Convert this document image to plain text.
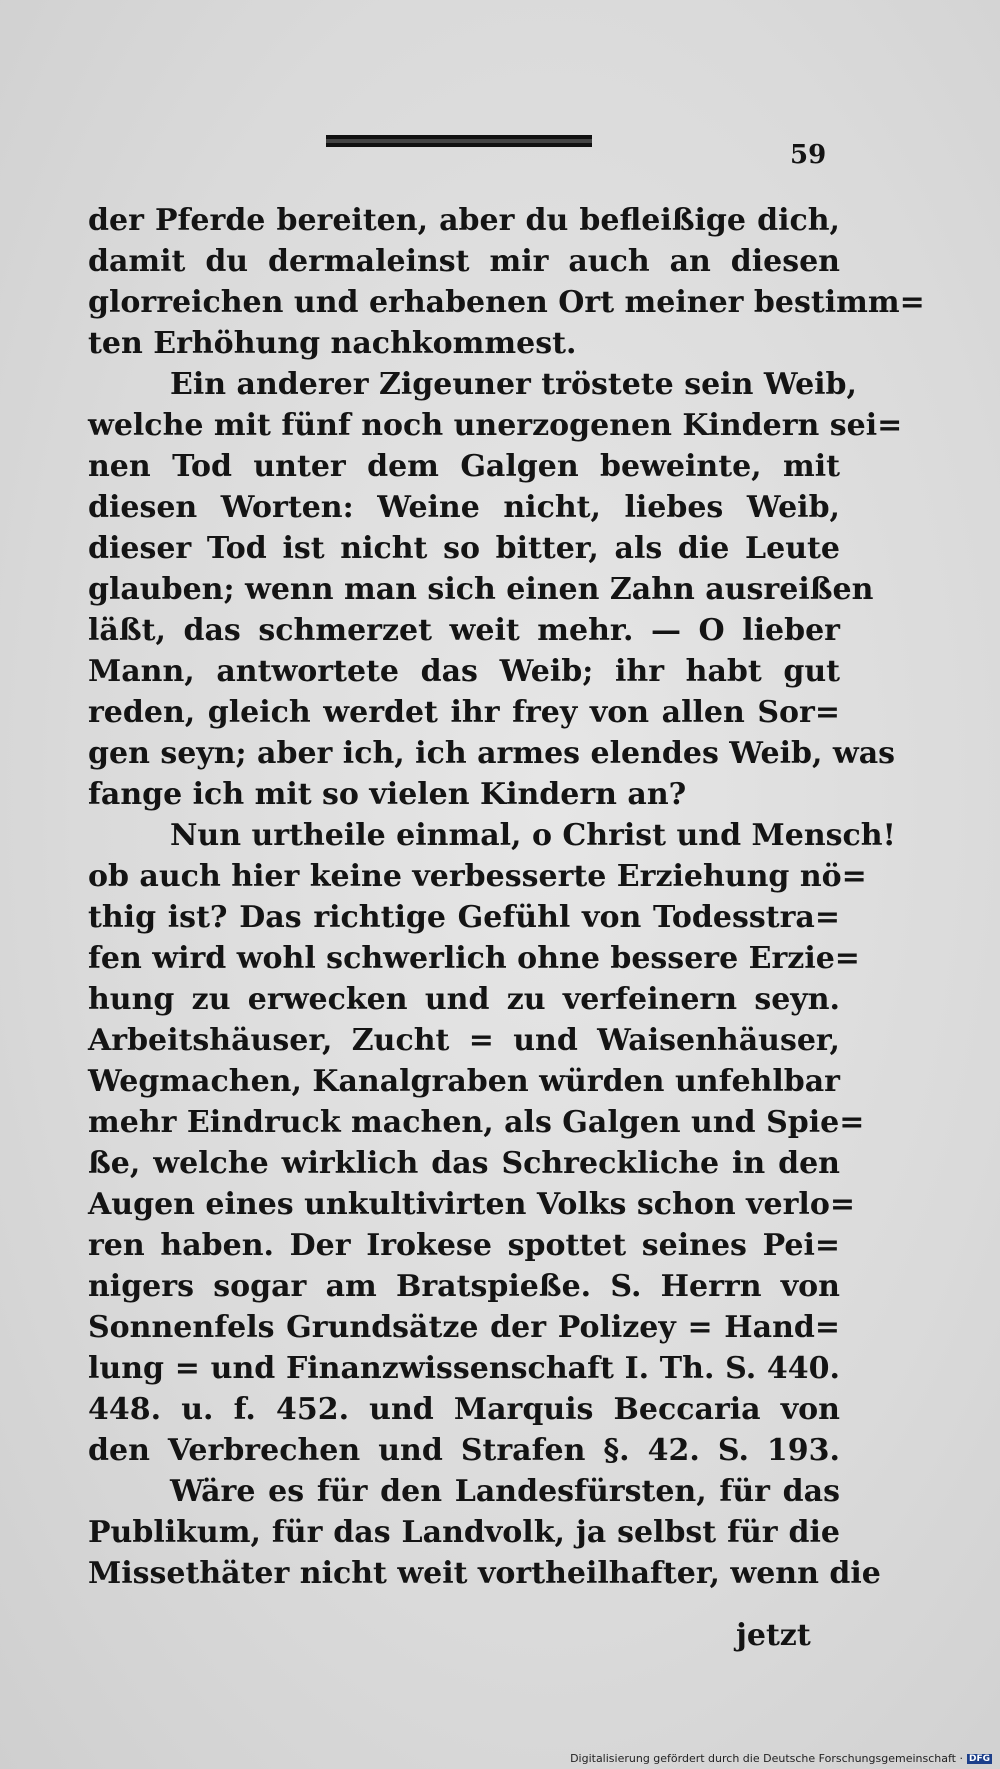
59
der Pferde bereiten, aber du befleißige dich,
damit du dermaleinst mir auch an diesen
glorreichen und erhabenen Ort meiner bestimm=
ten Erhöhung nachkommest.
Ein anderer Zigeuner tröstete sein Weib,
welche mit fünf noch unerzogenen Kindern sei=
nen Tod unter dem Galgen beweinte, mit
diesen Worten: Weine nicht, liebes Weib,
dieser Tod ist nicht so bitter, als die Leute
glauben; wenn man sich einen Zahn ausreißen
läßt, das schmerzet weit mehr. — O lieber
Mann, antwortete das Weib; ihr habt gut
reden, gleich werdet ihr frey von allen Sor=
gen seyn; aber ich, ich armes elendes Weib, was
fange ich mit so vielen Kindern an?
Nun urtheile einmal, o Christ und Mensch!
ob auch hier keine verbesserte Erziehung nö=
thig ist? Das richtige Gefühl von Todesstra=
fen wird wohl schwerlich ohne bessere Erzie=
hung zu erwecken und zu verfeinern seyn.
Arbeitshäuser, Zucht = und Waisenhäuser,
Wegmachen, Kanalgraben würden unfehlbar
mehr Eindruck machen, als Galgen und Spie=
ße, welche wirklich das Schreckliche in den
Augen eines unkultivirten Volks schon verlo=
ren haben. Der Irokese spottet seines Pei=
nigers sogar am Bratspieße. S. Herrn von
Sonnenfels Grundsätze der Polizey = Hand=
lung = und Finanzwissenschaft I. Th. S. 440.
448. u. f. 452. und Marquis Beccaria von
den Verbrechen und Strafen §. 42. S. 193.
Wäre es für den Landesfürsten, für das
Publikum, für das Landvolk, ja selbst für die
Missethäter nicht weit vortheilhafter, wenn die
jetzt
Digitalisierung gefördert durch die Deutsche Forschungsgemeinschaft · DFG
